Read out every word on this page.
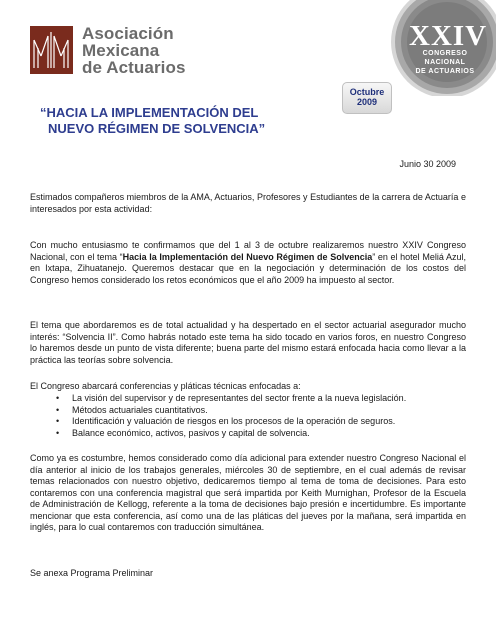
Asociación
Mexicana
de Actuarios
XXIV
CONGRESO
NACIONAL
DE ACTUARIOS
Octubre
2009
“HACIA LA IMPLEMENTACIÓN DEL
NUEVO RÉGIMEN DE SOLVENCIA”
Junio 30 2009

Estimados compañeros miembros de la AMA, Actuarios, Profesores y Estudiantes de la carrera de Actuaría e interesados por esta actividad:

Con mucho entusiasmo te confirmamos que del 1 al 3 de octubre realizaremos nuestro XXIV Congreso Nacional, con el tema “Hacia la Implementación del Nuevo Régimen de Solvencia” en el hotel Meliá Azul, en Ixtapa, Zihuatanejo. Queremos destacar que en la negociación y determinación de los costos del Congreso hemos considerado los retos económicos que el año 2009 ha impuesto al sector.

El tema que abordaremos es de total actualidad y ha despertado en el sector actuarial asegurador mucho interés: “Solvencia II”. Como habrás notado este tema ha sido tocado en varios foros, en nuestro Congreso lo haremos desde un punto de vista diferente; buena parte del mismo estará enfocada hacia como llevar a la práctica las teorías sobre solvencia.

El Congreso abarcará conferencias y pláticas técnicas enfocadas a:

• La visión del supervisor y de representantes del sector frente a la nueva legislación.
• Métodos actuariales cuantitativos.
• Identificación y valuación de riesgos en los procesos de la operación de seguros.
• Balance económico, activos, pasivos y capital de solvencia.

Como ya es costumbre, hemos considerado como día adicional para extender nuestro Congreso Nacional el día anterior al inicio de los trabajos generales, miércoles 30 de septiembre, en el cual además de revisar temas relacionados con nuestro objetivo, dedicaremos tiempo al tema de toma de decisiones. Para esto contaremos con una conferencia magistral que será impartida por Keith Murnighan, Profesor de la Escuela de Administración de Kellogg, referente a la toma de decisiones bajo presión e incertidumbre. Es importante mencionar que esta conferencia, así como una de las pláticas del jueves por la mañana, será impartida en inglés, para lo cual contaremos con traducción simultánea.

Se anexa Programa Preliminar
